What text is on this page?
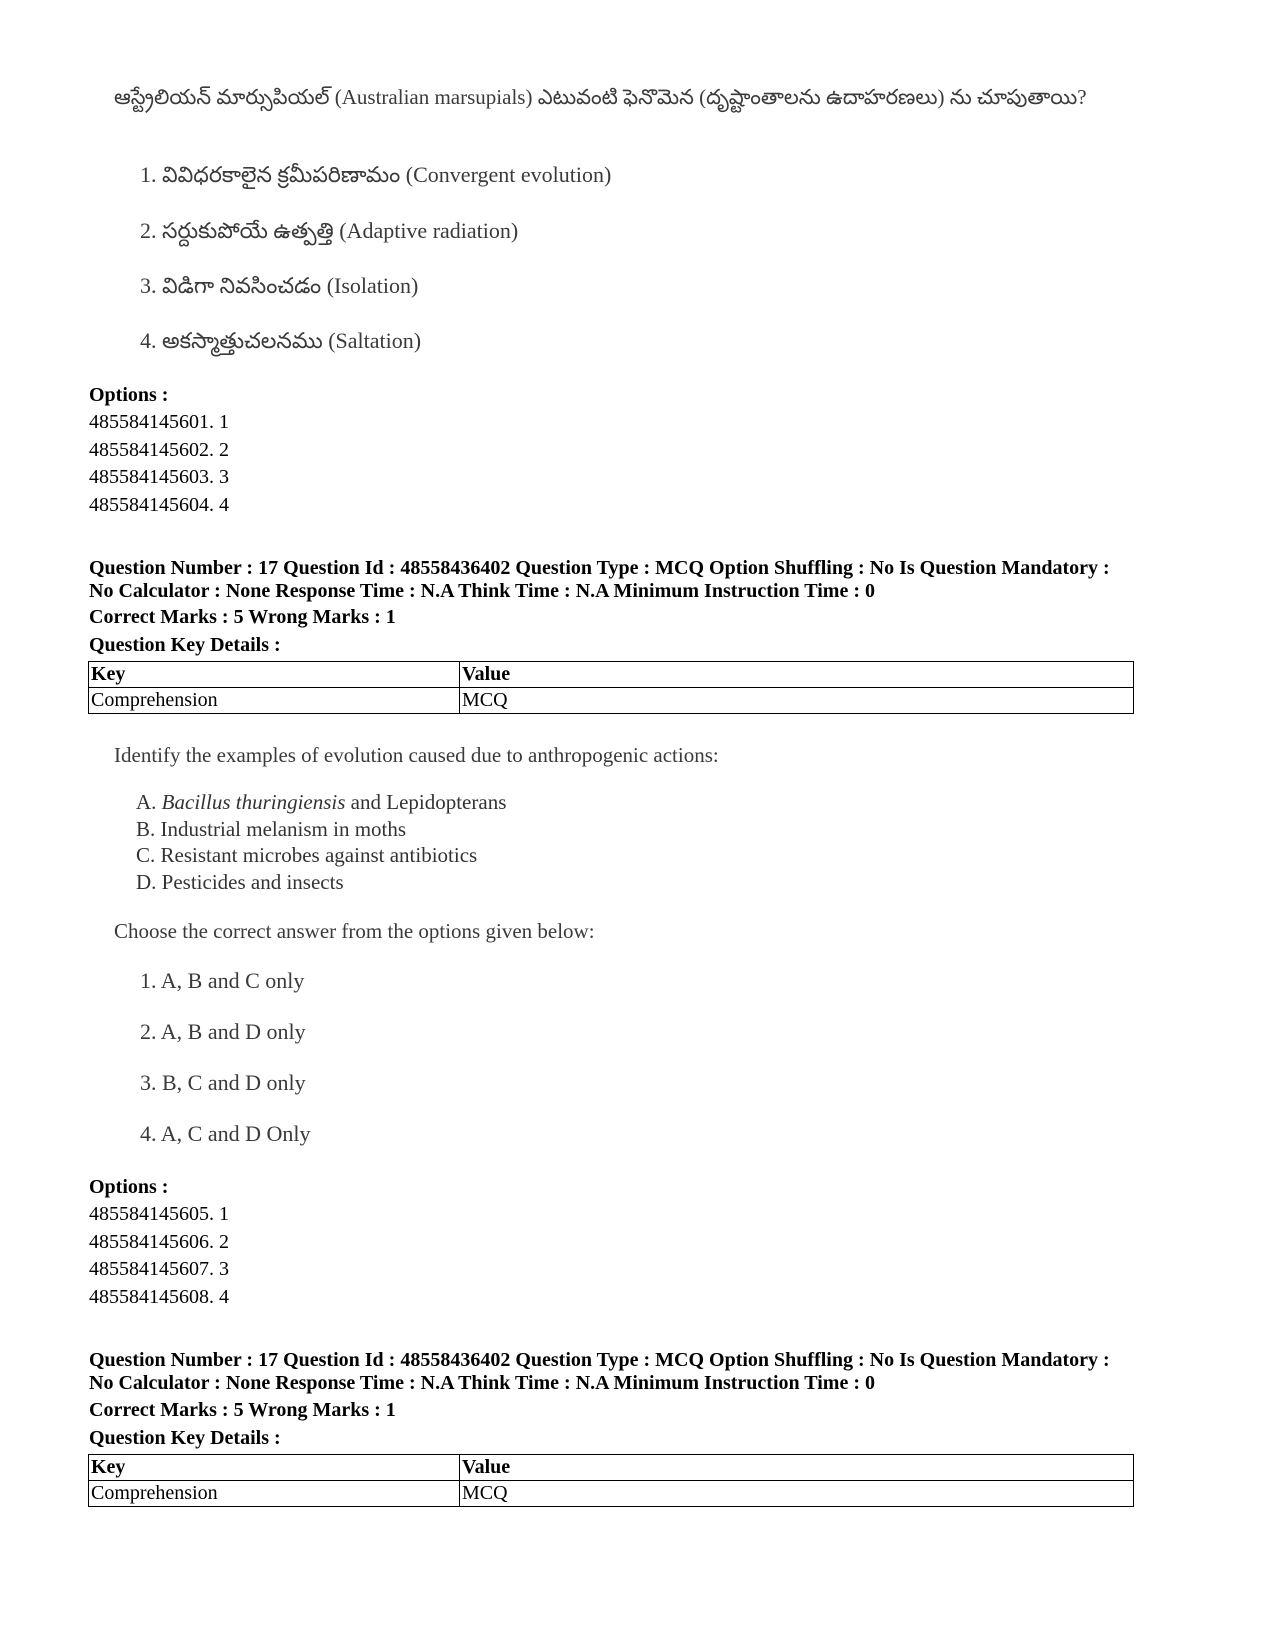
ఆస్ట్రేలియన్ మార్సుపియల్ (Australian marsupials) ఎటువంటి ఫెనొమెన (దృష్టాంతాలను ఉదాహరణలు) ను చూపుతాయి?
1. వివిధరకాలైన క్రమీపరిణామం (Convergent evolution)
2. సర్దుకుపోయే ఉత్పత్తి (Adaptive radiation)
3. విడిగా నివసించడం (Isolation)
4. అకస్మాత్తుచలనము (Saltation)
Options :
485584145601. 1
485584145602. 2
485584145603. 3
485584145604. 4
Question Number : 17 Question Id : 48558436402 Question Type : MCQ Option Shuffling : No Is Question Mandatory :
No Calculator : None Response Time : N.A Think Time : N.A Minimum Instruction Time : 0
Correct Marks : 5 Wrong Marks : 1
Question Key Details :
Key	Value
Comprehension	MCQ
Identify the examples of evolution caused due to anthropogenic actions:
A. Bacillus thuringiensis and Lepidopterans
B. Industrial melanism in moths
C. Resistant microbes against antibiotics
D. Pesticides and insects
Choose the correct answer from the options given below:
1. A, B and C only
2. A, B and D only
3. B, C and D only
4. A, C and D Only
Options :
485584145605. 1
485584145606. 2
485584145607. 3
485584145608. 4
Question Number : 17 Question Id : 48558436402 Question Type : MCQ Option Shuffling : No Is Question Mandatory :
No Calculator : None Response Time : N.A Think Time : N.A Minimum Instruction Time : 0
Correct Marks : 5 Wrong Marks : 1
Question Key Details :
Key	Value
Comprehension	MCQ
